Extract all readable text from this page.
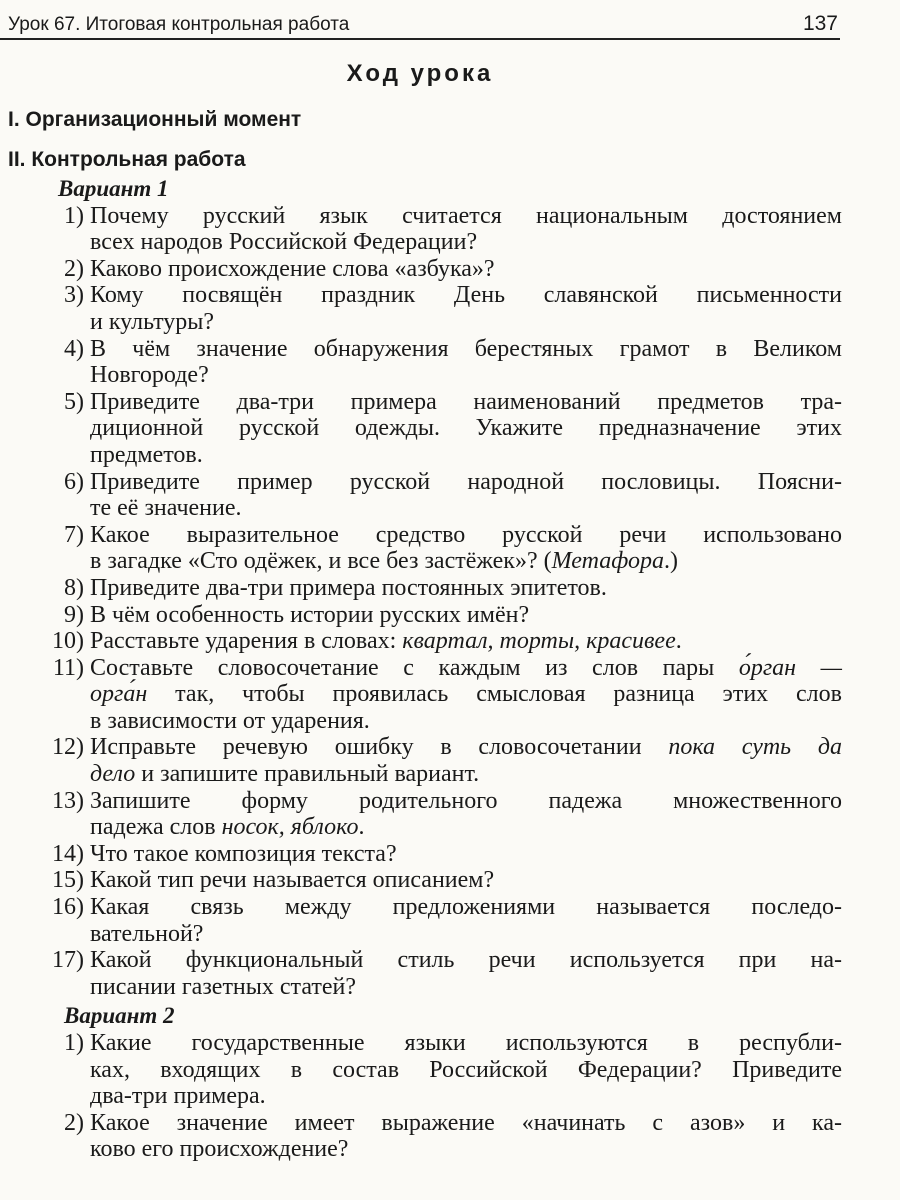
Урок 67. Итоговая контрольная работа	137
Ход урока
I. Организационный момент
II. Контрольная работа
Вариант 1
1) Почему русский язык считается национальным достоянием
всех народов Российской Федерации?
2) Каково происхождение слова «азбука»?
3) Кому посвящён праздник День славянской письменности
и культуры?
4) В чём значение обнаружения берестяных грамот в Великом
Новгороде?
5) Приведите два-три примера наименований предметов тра-
диционной русской одежды. Укажите предназначение этих
предметов.
6) Приведите пример русской народной пословицы. Поясни-
те её значение.
7) Какое выразительное средство русской речи использовано
в загадке «Сто одёжек, и все без застёжек»? (Метафора.)
8) Приведите два-три примера постоянных эпитетов.
9) В чём особенность истории русских имён?
10) Расставьте ударения в словах: квартал, торты, красивее.
11) Составьте словосочетание с каждым из слов пары о́рган —
орга́н так, чтобы проявилась смысловая разница этих слов
в зависимости от ударения.
12) Исправьте речевую ошибку в словосочетании пока суть да
дело и запишите правильный вариант.
13) Запишите форму родительного падежа множественного
падежа слов носок, яблоко.
14) Что такое композиция текста?
15) Какой тип речи называется описанием?
16) Какая связь между предложениями называется последо-
вательной?
17) Какой функциональный стиль речи используется при на-
писании газетных статей?
Вариант 2
1) Какие государственные языки используются в республи-
ках, входящих в состав Российской Федерации? Приведите
два-три примера.
2) Какое значение имеет выражение «начинать с азов» и ка-
ково его происхождение?
